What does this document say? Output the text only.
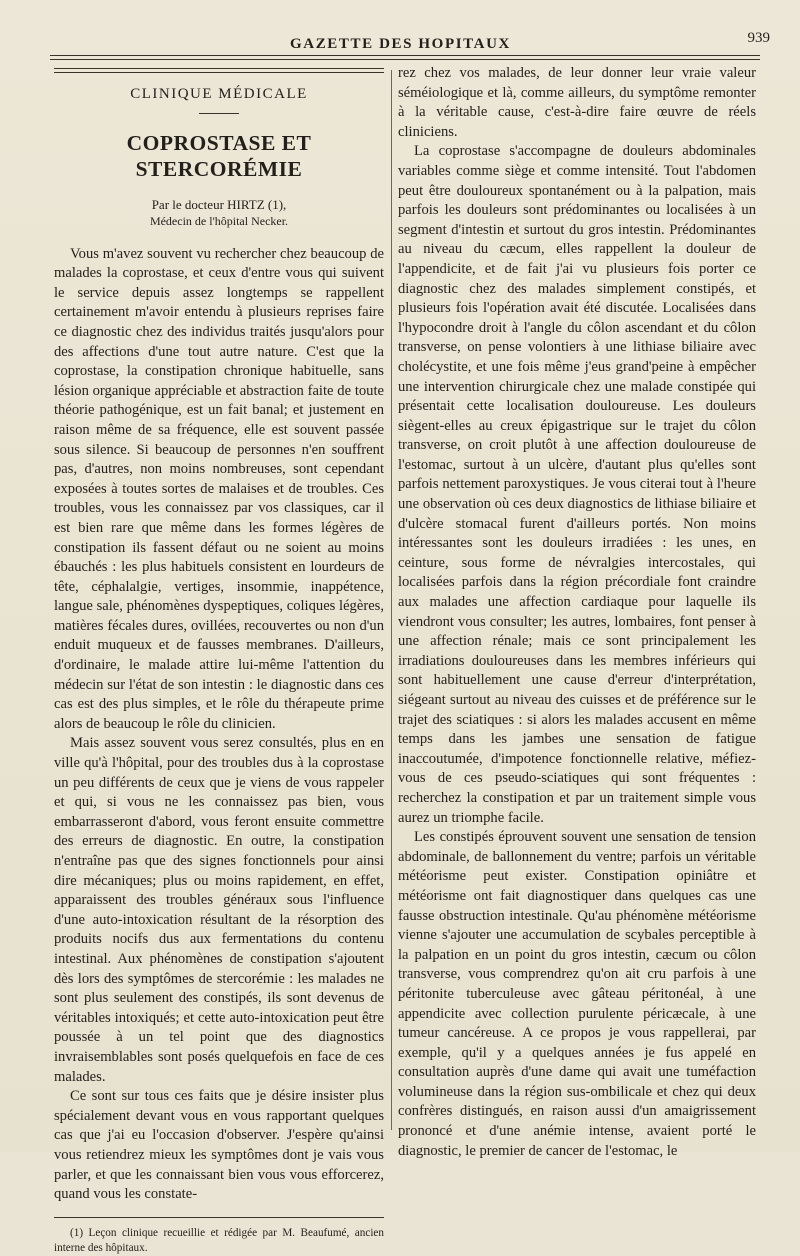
GAZETTE DES HOPITAUX	939
CLINIQUE MÉDICALE
COPROSTASE ET STERCORÉMIE
Par le docteur HIRTZ (1),
Médecin de l'hôpital Necker.

Vous m'avez souvent vu rechercher chez beaucoup de malades la coprostase, et ceux d'entre vous qui suivent le service depuis assez longtemps se rappellent certainement m'avoir entendu à plusieurs reprises faire ce diagnostic chez des individus traités jusqu'alors pour des affections d'une tout autre nature. C'est que la coprostase, la constipation chronique habituelle, sans lésion organique appréciable et abstraction faite de toute théorie pathogénique, est un fait banal; et justement en raison même de sa fréquence, elle est souvent passée sous silence. Si beaucoup de personnes n'en souffrent pas, d'autres, non moins nombreuses, sont cependant exposées à toutes sortes de malaises et de troubles. Ces troubles, vous les connaissez par vos classiques, car il est bien rare que même dans les formes légères de constipation ils fassent défaut ou ne soient au moins ébauchés : les plus habituels consistent en lourdeurs de tête, céphalalgie, vertiges, insommie, inappétence, langue sale, phénomènes dyspeptiques, coliques légères, matières fécales dures, ovillées, recouvertes ou non d'un enduit muqueux et de fausses membranes. D'ailleurs, d'ordinaire, le malade attire lui-même l'attention du médecin sur l'état de son intestin : le diagnostic dans ces cas est des plus simples, et le rôle du thérapeute prime alors de beaucoup le rôle du clinicien.

Mais assez souvent vous serez consultés, plus en en ville qu'à l'hôpital, pour des troubles dus à la coprostase un peu différents de ceux que je viens de vous rappeler et qui, si vous ne les connaissez pas bien, vous embarrasseront d'abord, vous feront ensuite commettre des erreurs de diagnostic. En outre, la constipation n'entraîne pas que des signes fonctionnels pour ainsi dire mécaniques; plus ou moins rapidement, en effet, apparaissent des troubles généraux sous l'influence d'une auto-intoxication résultant de la résorption des produits nocifs dus aux fermentations du contenu intestinal. Aux phénomènes de constipation s'ajoutent dès lors des symptômes de stercorémie : les malades ne sont plus seulement des constipés, ils sont devenus de véritables intoxiqués; et cette auto-intoxication peut être poussée à un tel point que des diagnostics invraisemblables sont posés quelquefois en face de ces malades.

Ce sont sur tous ces faits que je désire insister plus spécialement devant vous en vous rapportant quelques cas que j'ai eu l'occasion d'observer. J'espère qu'ainsi vous retiendrez mieux les symptômes dont je vais vous parler, et que les connaissant bien vous vous efforcerez, quand vous les constate-

(1) Leçon clinique recueillie et rédigée par M. Beaufumé, ancien interne des hôpitaux.

rez chez vos malades, de leur donner leur vraie valeur séméiologique et là, comme ailleurs, du symptôme remonter à la véritable cause, c'est-à-dire faire œuvre de réels cliniciens.

La coprostase s'accompagne de douleurs abdominales variables comme siège et comme intensité. Tout l'abdomen peut être douloureux spontanément ou à la palpation, mais parfois les douleurs sont prédominantes ou localisées à un segment d'intestin et surtout du gros intestin. Prédominantes au niveau du cæcum, elles rappellent la douleur de l'appendicite, et de fait j'ai vu plusieurs fois porter ce diagnostic chez des malades simplement constipés, et plusieurs fois l'opération avait été discutée. Localisées dans l'hypocondre droit à l'angle du côlon ascendant et du côlon transverse, on pense volontiers à une lithiase biliaire avec cholécystite, et une fois même j'eus grand'peine à empêcher une intervention chirurgicale chez une malade constipée qui présentait cette localisation douloureuse. Les douleurs siègent-elles au creux épigastrique sur le trajet du côlon transverse, on croit plutôt à une affection douloureuse de l'estomac, surtout à un ulcère, d'autant plus qu'elles sont parfois nettement paroxystiques. Je vous citerai tout à l'heure une observation où ces deux diagnostics de lithiase biliaire et d'ulcère stomacal furent d'ailleurs portés. Non moins intéressantes sont les douleurs irradiées : les unes, en ceinture, sous forme de névralgies intercostales, qui localisées parfois dans la région précordiale font craindre aux malades une affection cardiaque pour laquelle ils viendront vous consulter; les autres, lombaires, font penser à une affection rénale; mais ce sont principalement les irradiations douloureuses dans les membres inférieurs qui sont habituellement une cause d'erreur d'interprétation, siégeant surtout au niveau des cuisses et de préférence sur le trajet des sciatiques : si alors les malades accusent en même temps dans les jambes une sensation de fatigue inaccoutumée, d'impotence fonctionnelle relative, méfiez-vous de ces pseudo-sciatiques qui sont fréquentes : recherchez la constipation et par un traitement simple vous aurez un triomphe facile.

Les constipés éprouvent souvent une sensation de tension abdominale, de ballonnement du ventre; parfois un véritable météorisme peut exister. Constipation opiniâtre et météorisme ont fait diagnostiquer dans quelques cas une fausse obstruction intestinale. Qu'au phénomène météorisme vienne s'ajouter une accumulation de scybales perceptible à la palpation en un point du gros intestin, cæcum ou côlon transverse, vous comprendrez qu'on ait cru parfois à une péritonite tuberculeuse avec gâteau péritonéal, à une appendicite avec collection purulente péricæcale, à une tumeur cancéreuse. A ce propos je vous rappellerai, par exemple, qu'il y a quelques années je fus appelé en consultation auprès d'une dame qui avait une tuméfaction volumineuse dans la région sus-ombilicale et chez qui deux confrères distingués, en raison aussi d'un amaigrissement prononcé et d'une anémie intense, avaient porté le diagnostic, le premier de cancer de l'estomac, le
